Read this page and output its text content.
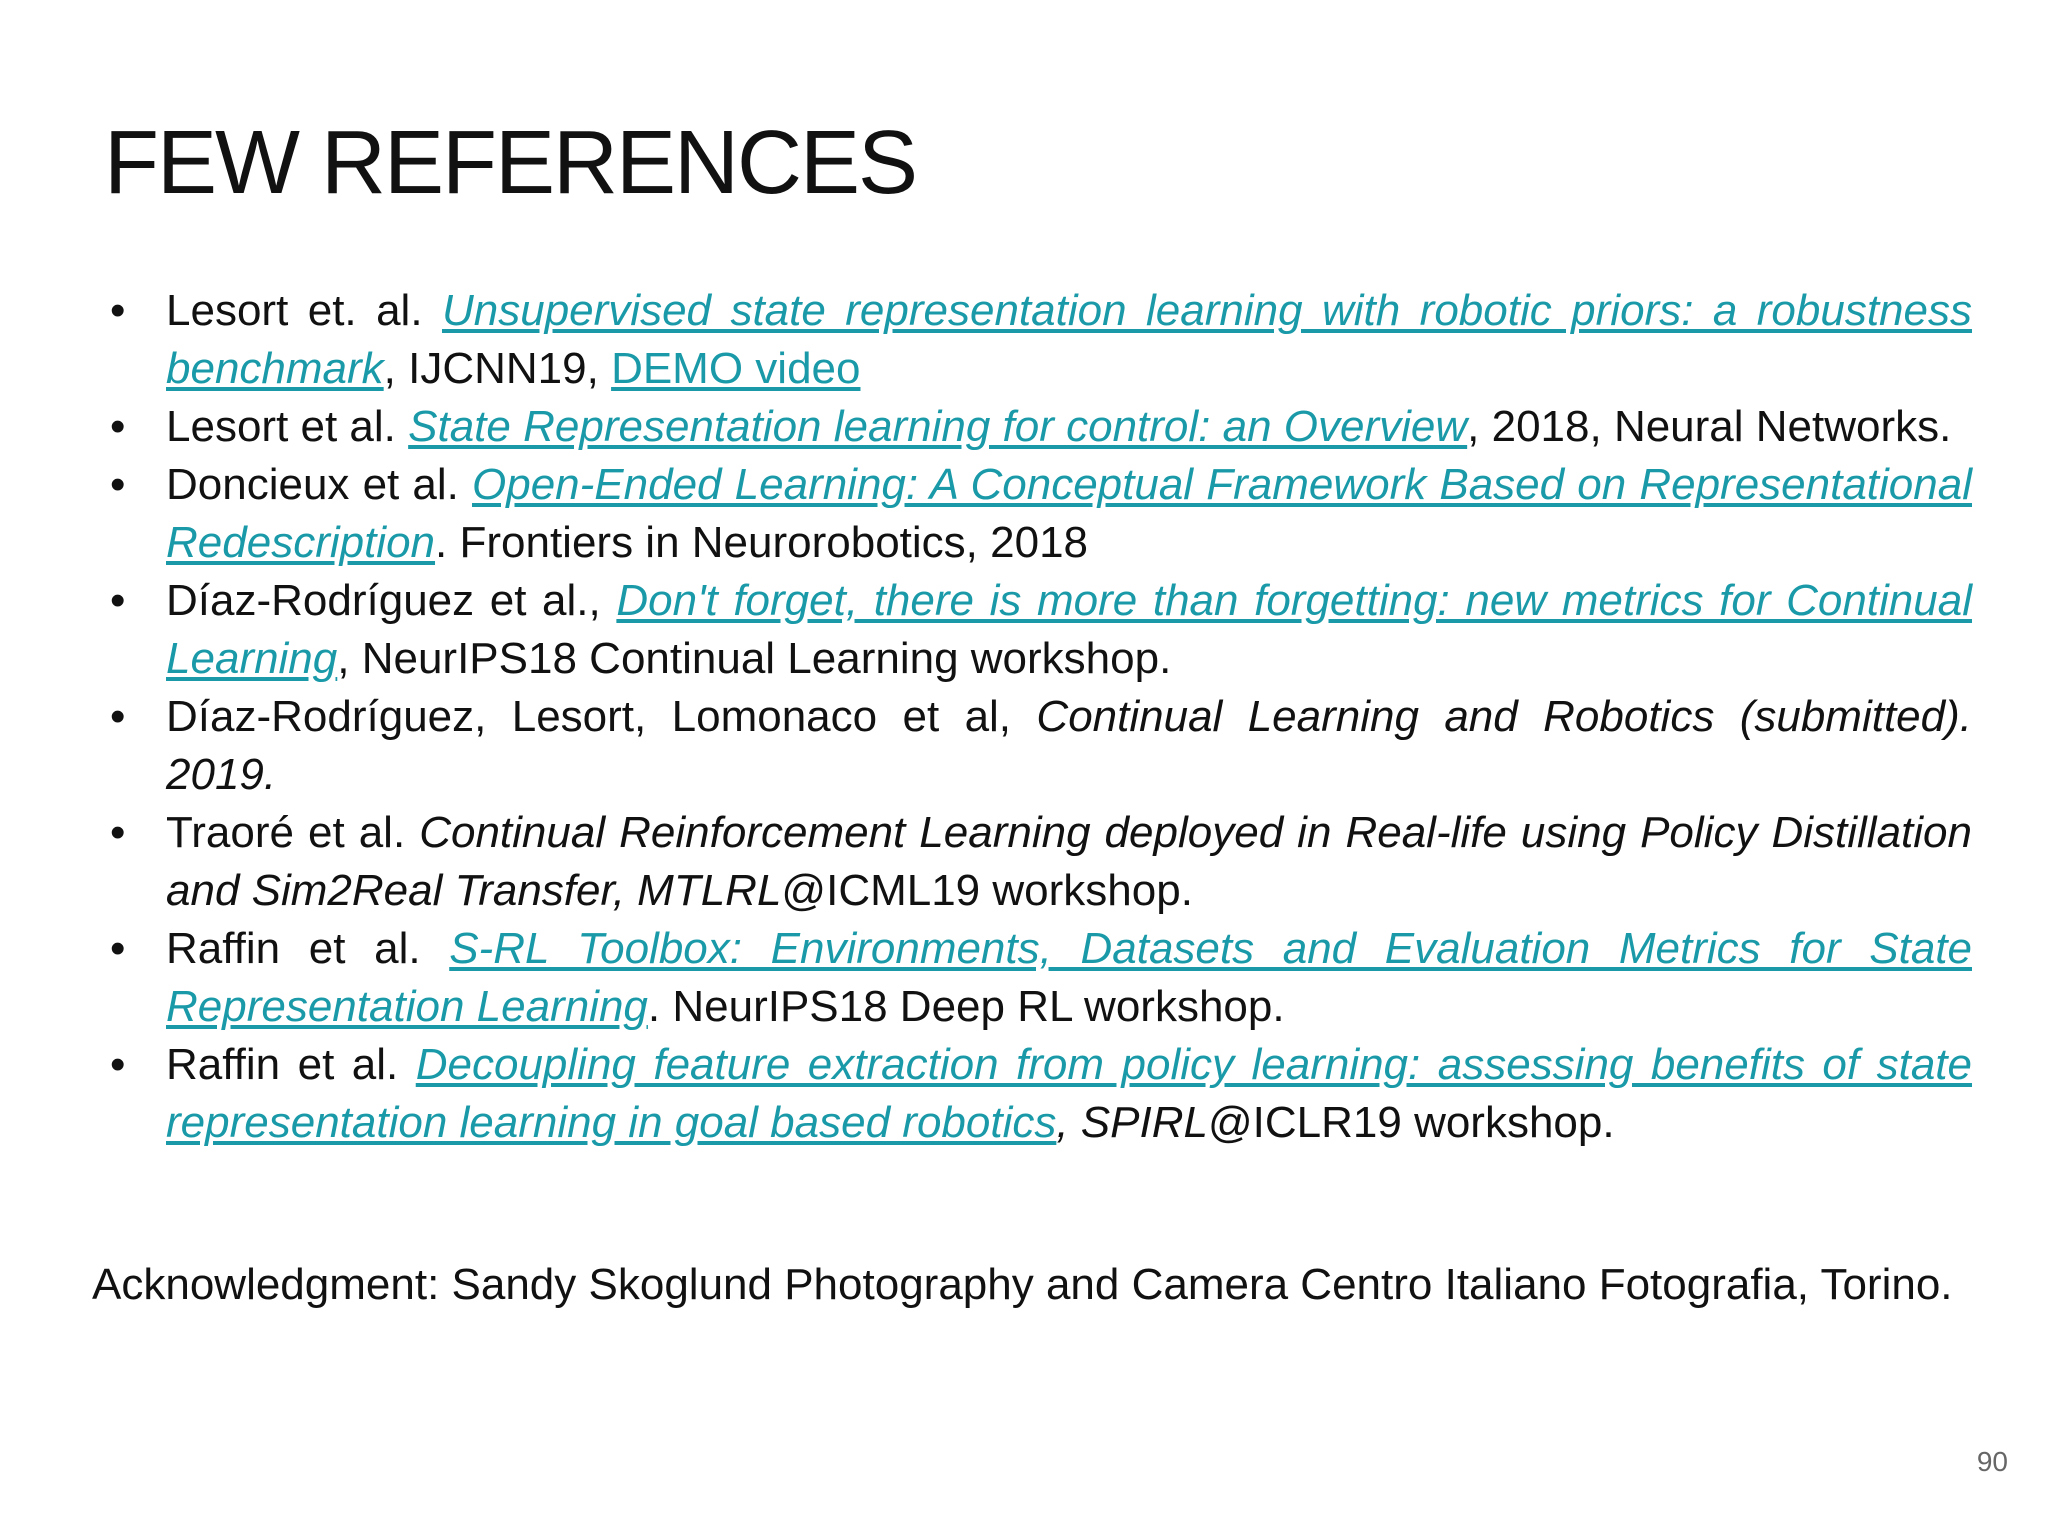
FEW REFERENCES
• Lesort et. al. Unsupervised state representation learning with robotic priors: a robustness benchmark, IJCNN19, DEMO video
• Lesort et al. State Representation learning for control: an Overview, 2018, Neural Networks.
• Doncieux et al. Open-Ended Learning: A Conceptual Framework Based on Representational Redescription. Frontiers in Neurorobotics, 2018
• Díaz-Rodríguez et al., Don't forget, there is more than forgetting: new metrics for Continual Learning, NeurIPS18 Continual Learning workshop.
• Díaz-Rodríguez, Lesort, Lomonaco et al, Continual Learning and Robotics (submitted). 2019.
• Traoré et al. Continual Reinforcement Learning deployed in Real-life using Policy Distillation and Sim2Real Transfer, MTLRL@ICML19 workshop.
• Raffin et al. S-RL Toolbox: Environments, Datasets and Evaluation Metrics for State Representation Learning. NeurIPS18 Deep RL workshop.
• Raffin et al. Decoupling feature extraction from policy learning: assessing benefits of state representation learning in goal based robotics, SPIRL@ICLR19 workshop.

Acknowledgment: Sandy Skoglund Photography and Camera Centro Italiano Fotografia, Torino.

90
